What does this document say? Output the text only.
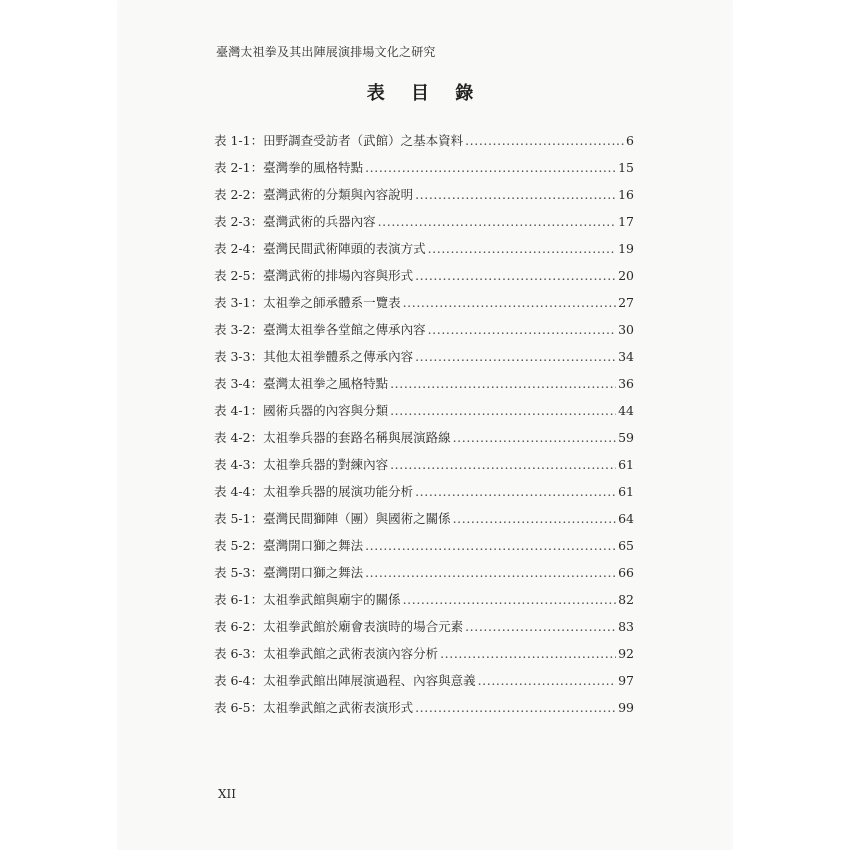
臺灣太祖拳及其出陣展演排場文化之研究
表 目 錄
表 1-1：田野調查受訪者（武館）之基本資料 .....	6
表 2-1：臺灣拳的風格特點 .....	15
表 2-2：臺灣武術的分類與內容說明 .....	16
表 2-3：臺灣武術的兵器內容 .....	17
表 2-4：臺灣民間武術陣頭的表演方式 .....	19
表 2-5：臺灣武術的排場內容與形式 .....	20
表 3-1：太祖拳之師承體系一覽表 .....	27
表 3-2：臺灣太祖拳各堂館之傳承內容 .....	30
表 3-3：其他太祖拳體系之傳承內容 .....	34
表 3-4：臺灣太祖拳之風格特點 .....	36
表 4-1：國術兵器的內容與分類 .....	44
表 4-2：太祖拳兵器的套路名稱與展演路線 .....	59
表 4-3：太祖拳兵器的對練內容 .....	61
表 4-4：太祖拳兵器的展演功能分析 .....	61
表 5-1：臺灣民間獅陣（團）與國術之關係 .....	64
表 5-2：臺灣開口獅之舞法 .....	65
表 5-3：臺灣閉口獅之舞法 .....	66
表 6-1：太祖拳武館與廟宇的關係 .....	82
表 6-2：太祖拳武館於廟會表演時的場合元素 .....	83
表 6-3：太祖拳武館之武術表演內容分析 .....	92
表 6-4：太祖拳武館出陣展演過程、內容與意義 .....	97
表 6-5：太祖拳武館之武術表演形式 .....	99
XII
